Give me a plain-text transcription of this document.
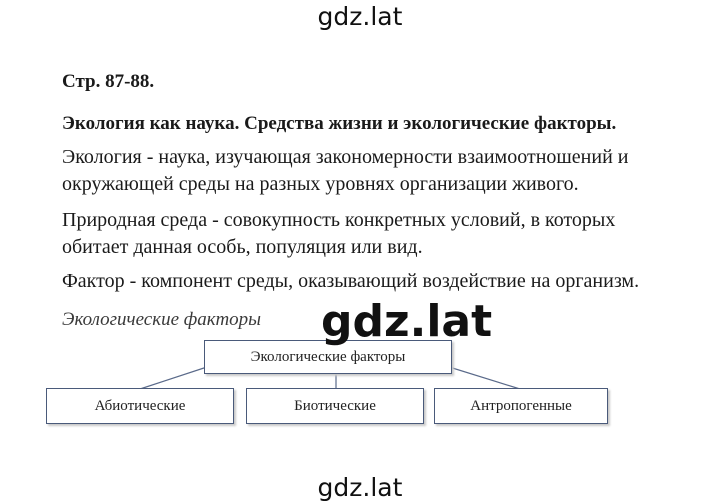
gdz.lat
Стр. 87-88.
Экология как наука. Средства жизни и экологические факторы.
Экология - наука, изучающая закономерности взаимоотношений и окружающей среды на разных уровнях организации живого.
Природная среда - совокупность конкретных условий, в которых обитает данная особь, популяция или вид.
Фактор - компонент среды, оказывающий воздействие на организм.
Экологические факторы
Экологические факторы
Абиотические	Биотические	Антропогенные
gdz.lat
gdz.lat
